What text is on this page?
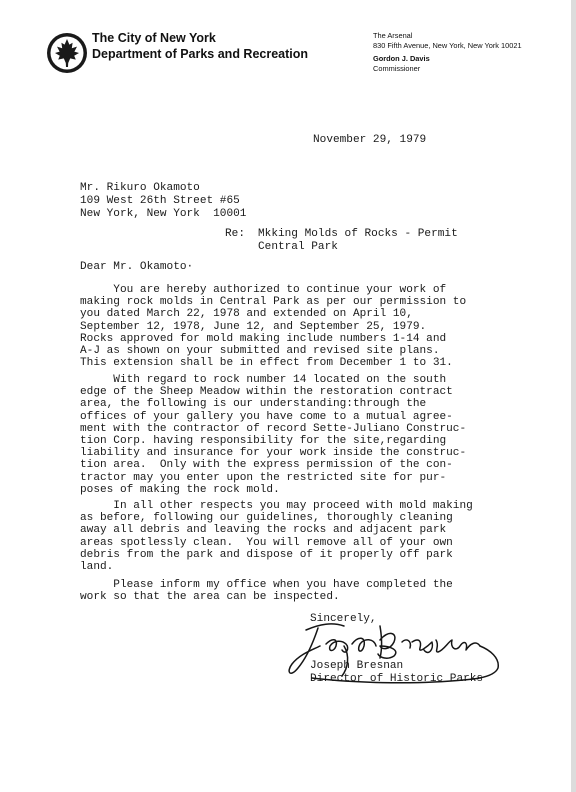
The City of New York
Department of Parks and Recreation
The Arsenal
830 Fifth Avenue, New York, New York 10021
Gordon J. Davis
Commissioner
November 29, 1979
Mr. Rikuro Okamoto
109 West 26th Street #65
New York, New York  10001
Re: Mkking Molds of Rocks - Permit
Central Park
Dear Mr. Okamoto·
You are hereby authorized to continue your work of
making rock molds in Central Park as per our permission to
you dated March 22, 1978 and extended on April 10,
September 12, 1978, June 12, and September 25, 1979.
Rocks approved for mold making include numbers 1-14 and
A-J as shown on your submitted and revised site plans.
This extension shall be in effect from December 1 to 31.
With regard to rock number 14 located on the south
edge of the Sheep Meadow within the restoration contract
area, the following is our understanding:through the
offices of your gallery you have come to a mutual agree-
ment with the contractor of record Sette-Juliano Construc-
tion Corp. having responsibility for the site,regarding
liability and insurance for your work inside the construc-
tion area.  Only with the express permission of the con-
tractor may you enter upon the restricted site for pur-
poses of making the rock mold.
In all other respects you may proceed with mold making
as before, following our guidelines, thoroughly cleaning
away all debris and leaving the rocks and adjacent park
areas spotlessly clean.  You will remove all of your own
debris from the park and dispose of it properly off park
land.
Please inform my office when you have completed the
work so that the area can be inspected.
Sincerely,
Joseph Bresnan
Director of Historic Parks
